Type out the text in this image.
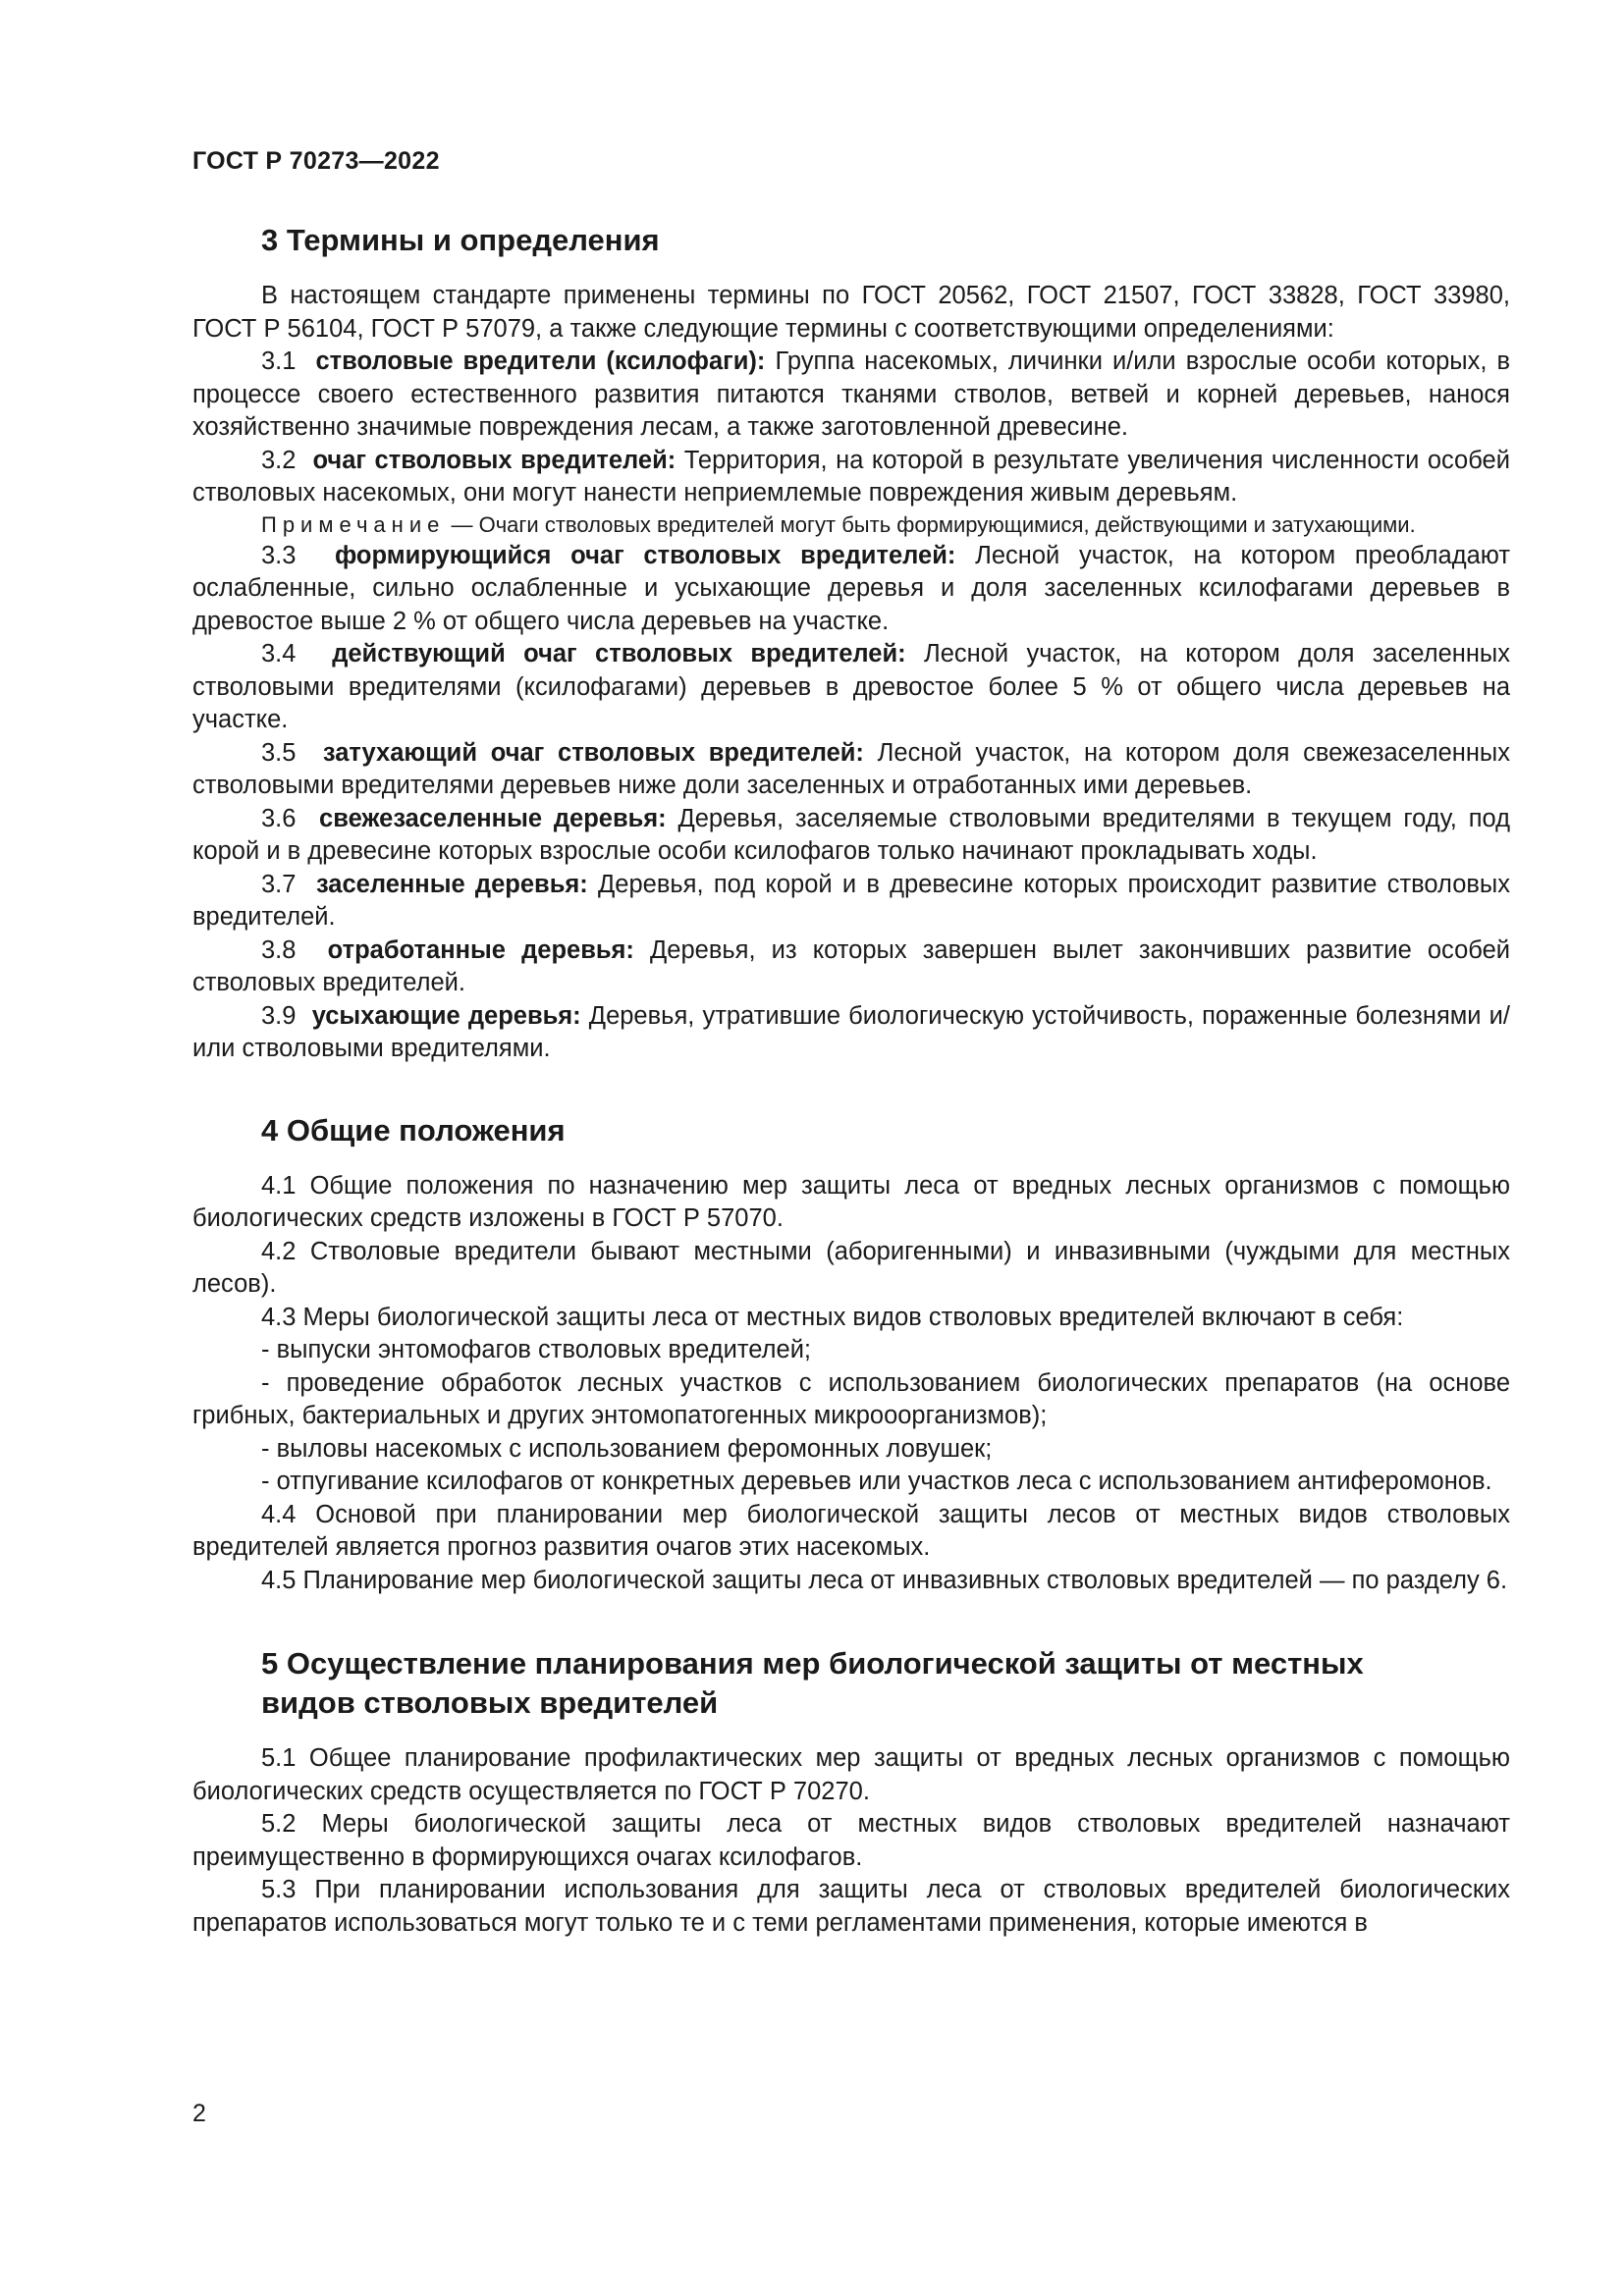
ГОСТ Р 70273—2022
3 Термины и определения

В настоящем стандарте применены термины по ГОСТ 20562, ГОСТ 21507, ГОСТ 33828, ГОСТ 33980, ГОСТ Р 56104, ГОСТ Р 57079, а также следующие термины с соответствующими определениями:

3.1 стволовые вредители (ксилофаги): Группа насекомых, личинки и/или взрослые особи которых, в процессе своего естественного развития питаются тканями стволов, ветвей и корней деревьев, нанося хозяйственно значимые повреждения лесам, а также заготовленной древесине.

3.2 очаг стволовых вредителей: Территория, на которой в результате увеличения численности особей стволовых насекомых, они могут нанести неприемлемые повреждения живым деревьям.

Примечание — Очаги стволовых вредителей могут быть формирующимися, действующими и затухающими.

3.3 формирующийся очаг стволовых вредителей: Лесной участок, на котором преобладают ослабленные, сильно ослабленные и усыхающие деревья и доля заселенных ксилофагами деревьев в древостое выше 2 % от общего числа деревьев на участке.

3.4 действующий очаг стволовых вредителей: Лесной участок, на котором доля заселенных стволовыми вредителями (ксилофагами) деревьев в древостое более 5 % от общего числа деревьев на участке.

3.5 затухающий очаг стволовых вредителей: Лесной участок, на котором доля свежезаселенных стволовыми вредителями деревьев ниже доли заселенных и отработанных ими деревьев.

3.6 свежезаселенные деревья: Деревья, заселяемые стволовыми вредителями в текущем году, под корой и в древесине которых взрослые особи ксилофагов только начинают прокладывать ходы.

3.7 заселенные деревья: Деревья, под корой и в древесине которых происходит развитие стволовых вредителей.

3.8 отработанные деревья: Деревья, из которых завершен вылет закончивших развитие особей стволовых вредителей.

3.9 усыхающие деревья: Деревья, утратившие биологическую устойчивость, пораженные болезнями и/или стволовыми вредителями.

4 Общие положения

4.1 Общие положения по назначению мер защиты леса от вредных лесных организмов с помощью биологических средств изложены в ГОСТ Р 57070.

4.2 Стволовые вредители бывают местными (аборигенными) и инвазивными (чуждыми для местных лесов).

4.3 Меры биологической защиты леса от местных видов стволовых вредителей включают в себя:

- выпуски энтомофагов стволовых вредителей;

- проведение обработок лесных участков с использованием биологических препаратов (на основе грибных, бактериальных и других энтомопатогенных микрооорганизмов);

- выловы насекомых с использованием феромонных ловушек;

- отпугивание ксилофагов от конкретных деревьев или участков леса с использованием антиферомонов.

4.4 Основой при планировании мер биологической защиты лесов от местных видов стволовых вредителей является прогноз развития очагов этих насекомых.

4.5 Планирование мер биологической защиты леса от инвазивных стволовых вредителей — по разделу 6.

5 Осуществление планирования мер биологической защиты от местных
видов стволовых вредителей

5.1 Общее планирование профилактических мер защиты от вредных лесных организмов с помощью биологических средств осуществляется по ГОСТ Р 70270.

5.2 Меры биологической защиты леса от местных видов стволовых вредителей назначают преимущественно в формирующихся очагах ксилофагов.

5.3 При планировании использования для защиты леса от стволовых вредителей биологических препаратов использоваться могут только те и с теми регламентами применения, которые имеются в

2
